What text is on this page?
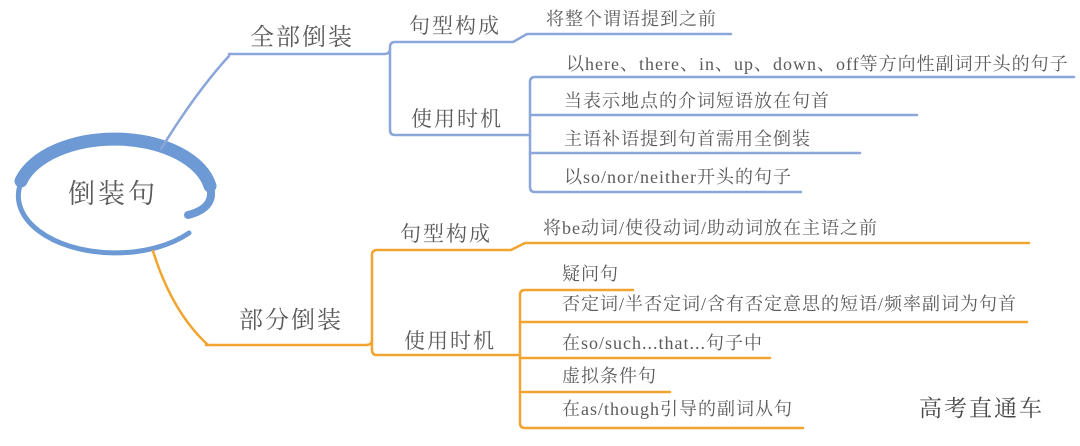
倒装句
全部倒装	句型构成
使用时机
将整个谓语提到之前
以here、there、in、up、down、off等方向性副词开头的句子
当表示地点的介词短语放在句首
主语补语提到句首需用全倒装
以so/nor/neither开头的句子
部分倒装
句型构成
使用时机
将be动词/使役动词/助动词放在主语之前
疑问句
否定词/半否定词/含有否定意思的短语/频率副词为句首
在so/such...that...句子中
虚拟条件句
在as/though引导的副词从句	高考直通车
